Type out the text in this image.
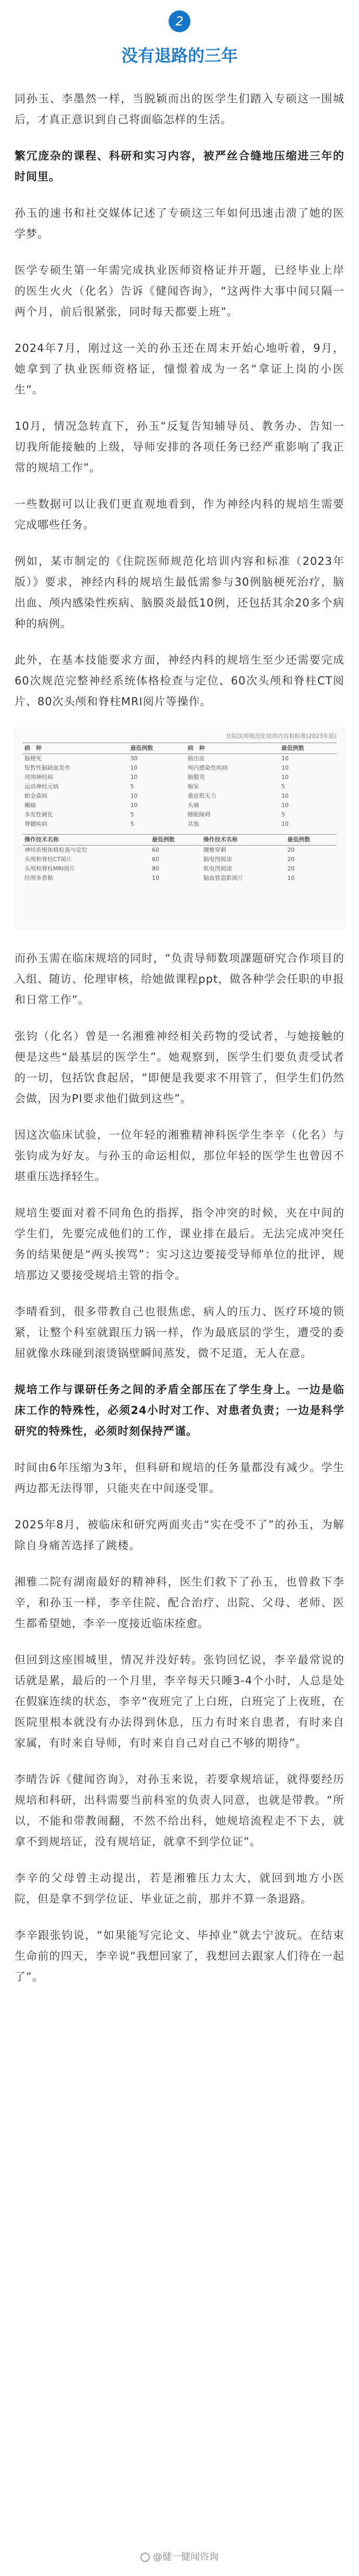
2
没有退路的三年

同孙玉、李墨然一样，当脱颖而出的医学生们踏入专硕这一围城后，才真正意识到自己将面临怎样的生活。

繁冗庞杂的课程、科研和实习内容，被严丝合缝地压缩进三年的时间里。

孙玉的速书和社交媒体记述了专硕这三年如何迅速击溃了她的医学梦。

医学专硕生第一年需完成执业医师资格证并开题，已经毕业上岸的医生火火（化名）告诉《健闻咨询》，“这两件大事中间只隔一两个月，前后很紧张，同时每天都要上班”。

2024年7月，刚过这一关的孙玉还在周末开始心地听着，9月，她拿到了执业医师资格证，憧憬着成为一名“拿证上岗的小医生”。

10月，情况急转直下，孙玉“反复告知辅导员、教务办、告知一切我所能接触的上级，导师安排的各项任务已经严重影响了我正常的规培工作”。

一些数据可以让我们更直观地看到，作为神经内科的规培生需要完成哪些任务。

例如，某市制定的《住院医师规范化培训内容和标准（2023年版）》要求，神经内科的规培生最低需参与30例脑梗死治疗，脑出血、颅内感染性疾病、脑膜炎最低10例，还包括其余20多个病种的病例。

此外，在基本技能要求方面，神经内科的规培生至少还需要完成60次规范完整神经系统体格检查与定位、60次头颅和脊柱CT阅片、80次头颅和脊柱MRI阅片等操作。

住院医师规范化培训内容和标准(2023年版)
病　种	最低例数	病　种	最低例数
脑梗死	30	脑出血	10
短暂性脑缺血发作	10	颅内感染性疾病	10
周围神经病	10	脑膜炎	10
运动神经元病	5	痴呆	5
帕金森病	10	重症肌无力	10
癫痫	10	头痛	10
多发性硬化	5	睡眠障碍	5
脊髓疾病	5	其他	10
操作技术名称	最低例数	操作技术名称	最低例数
神经系统体格检查与定位	60	腰椎穿刺	20
头颅和脊柱CT阅片	60	脑电图阅读	20
头颅和脊柱MRI阅片	80	肌电图阅读	20
经颅多普勒	10	脑血管造影阅片	10

而孙玉需在临床规培的同时，“负责导师数项課题研究合作项目的入组、随访、伦理审核，给她做课程ppt，做各种学会任职的申报和日常工作”。

张钧（化名）曾是一名湘雅神经相关药物的受试者，与她接触的便是这些“最基层的医学生”。她观察到，医学生们要负责受试者的一切，包括饮食起居，“即便是我要求不用管了，但学生们仍然会做，因为PI要求他们做到这些”。

因这次临床试验，一位年轻的湘雅精神科医学生李辛（化名）与张钧成为好友。与孙玉的命运相似，那位年轻的医学生也曾因不堪重压选择轻生。

规培生要面对着不同角色的指挥，指令冲突的时候，夹在中间的学生们，先要完成他们的工作，课业排在最后。无法完成冲突任务的结果便是“两头挨骂”：实习这边要接受导师单位的批评，规培那边又要接受规培主管的指令。

李晴看到，很多带教自己也很焦虑，病人的压力、医疗环境的锁紧，让整个科室就跟压力锅一样，作为最底层的学生，遭受的委屈就像水珠碰到滚烫锅壁瞬间蒸发，微不足道，无人在意。

规培工作与课研任务之间的矛盾全部压在了学生身上。一边是临床工作的特殊性，必须24小时对工作、对患者负责；一边是科学研究的特殊性，必须时刻保持严谨。

时间由6年压缩为3年，但科研和规培的任务量都没有减少。学生两边都无法得罪，只能夹在中间逐受罪。

2025年8月，被临床和研究两面夹击“实在受不了”的孙玉，为解除自身痛苦选择了跳楼。

湘雅二院有湖南最好的精神科，医生们救下了孙玉，也曾救下李辛，和孙玉一样，李辛住院、配合治疗、出院、父母、老师、医生都希望她，李辛一度接近临床痊愈。

但回到这座围城里，情况并没好转。张钧回忆说，李辛最常说的话就是累，最后的一个月里，李辛每天只睡3-4个小时，人总是处在假寐连续的状态，李辛“夜班完了上白班，白班完了上夜班，在医院里根本就没有办法得到休息，压力有时来自患者，有时来自家属，有时来自导师，有时来自自己对自己不够的期待”。

李晴告诉《健闻咨询》，对孙玉来说，若要拿规培证，就得要经历规培和科研，出科需要当前科室的负责人同意，也就是带教。“所以，不能和带教闹翻，不然不给出科，她规培流程走不下去，就拿不到规培证，没有规培证，就拿不到学位证”。

李辛的父母曾主动提出，若是湘雅压力太大，就回到地方小医院，但是拿不到学位证、毕业证之前，那并不算一条退路。

李辛跟张钧说，“如果能写完论文、毕掉业”就去宁波玩。在结束生命前的四天，李辛说“我想回家了，我想回去跟家人们待在一起了”。

@健一健闻咨询
